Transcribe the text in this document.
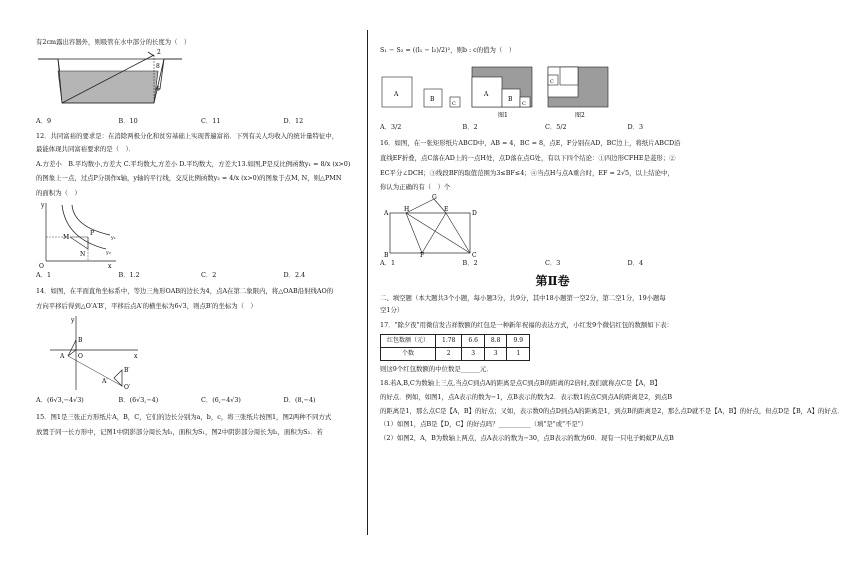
有2cm露出容器外，则吸管在水中部分的长度为（　）
2
8
6
A．9	B．10	C．11	D．12
12．共同富裕的要求是：在消除两极分化和贫穷基础上实现普遍富裕．下列有关人均收入的统计量特征中，
最能体现共同富裕要求的是（　）．
A.方差小　B.平均数小,方差大 C.平均数大,方差小 D.平均数大，方差大13.如图,P是反比例函数y₁ = 8/x (x>0)
的图象上一点，过点P分别作x轴，y轴的平行线，交反比例函数y₂ = 4/x (x>0)的图象于点M, N，则△PMN
的面积为（　）
y
x
O
M
P
N
y₁
y₂
A．1	B．1.2	C．2	D．2.4
14．如图，在平面直角坐标系中，等边三角形OAB的边长为4，点A在第二象限内，将△OAB沿射线AO的
方向平移后得到△O′A′B′，平移后点A′的横坐标为6√3，则点B′的坐标为（　）
y
x
O
A
B
A′
B′
O′
A．(6√3,−4√3)	B．(6√3,−4)	C．(6,−4√3)	D．(8,−4)
15．图1是三张正方形纸片A，B，C，它们的边长分别为a，b，c，将三张纸片按图1，图2两种不同方式
放置于同一长方形中，记图1中阴影部分周长为l₁，面积为S₁，图2中阴影部分周长为l₂，面积为S₂．若
S₁ − S₂ = ((l₁ − l₂)/2)²，则b : c的值为（　）
A
B
C
A
B
C
图1
C
图2
A．3/2	B．2	C．5/2	D．3
16．如图，在一张矩形纸片ABCD中，AB = 4，BC = 8，点E，F分别在AD，BC边上，将纸片ABCD沿
直线EF折叠，点C落在AD上的一点H处，点D落在点G处，有以下四个结论：①四边形CFHE是菱形；②
EC平分∠DCH；③线段BF的取值范围为3≤BF≤4；④当点H与点A重合时，EF = 2√5，以上结论中，
你认为正确的有（　）个
A
H
G
E
D
B	F	C
A．1	B．2	C．3	D．4
第Ⅱ卷
二、填空题（本大题共3个小题，每小题3分，共9分，其中18小题第一空2分，第二空1分，19小题每
空1分）
17．"除夕夜"用微信发吉祥数额的红包是一种新年祝福的表达方式，小红发9个微信红包的数额如下表：
红包数额（元）	1.78	6.6	8.8	9.9
个数	2	3	3	1
则这9个红包数额的中位数是______元．
18.若A,B,C为数轴上三点,当点C到点A的距离是点C到点B的距离的2倍时,我们就称点C是【A，B】
的好点．例如，如图1，点A表示的数为−1，点B表示的数为2．表示数1的点C到点A的距离是2，到点B
的距离是1，那么点C是【A，B】的好点；又如，表示数0的点D到点A的距离是1，到点B的距离是2，那么点D就不是【A，B】的好点，但点D是【B，A】的好点．
（1）如图1，点B是【D，C】的好点吗？__________（填"是"或"不是"）
（2）如图2，A，B为数轴上两点，点A表示的数为−30，点B表示的数为60．现有一只电子蚂蚁P从点B
